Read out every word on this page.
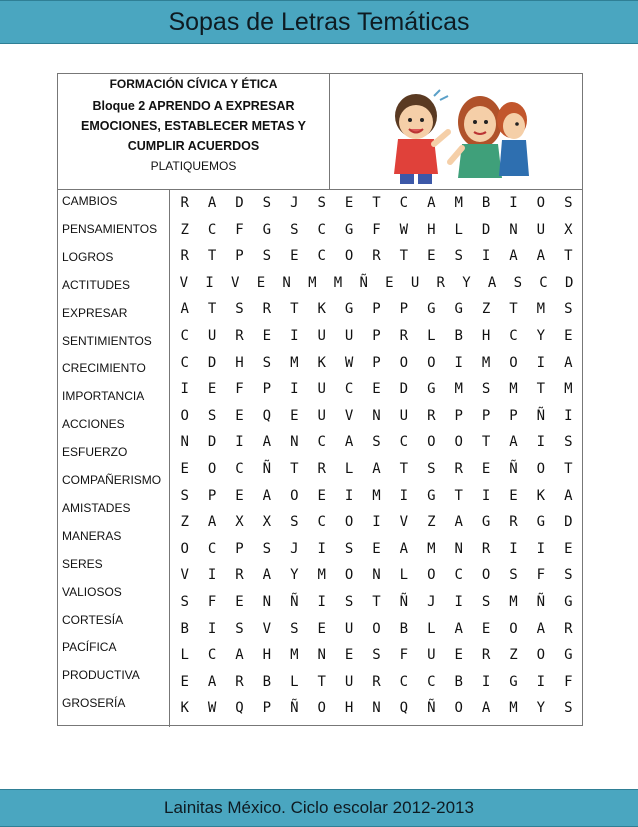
Sopas de Letras Temáticas
FORMACIÓN CÍVICA Y ÉTICA
Bloque 2 APRENDO A EXPRESAR EMOCIONES, ESTABLECER METAS Y CUMPLIR ACUERDOS
PLATIQUEMOS
CAMBIOS
PENSAMIENTOS
LOGROS
ACTITUDES
EXPRESAR
SENTIMIENTOS
CRECIMIENTO
IMPORTANCIA
ACCIONES
ESFUERZO
COMPAÑERISMO
AMISTADES
MANERAS
SERES
VALIOSOS
CORTESÍA
PACÍFICA
PRODUCTIVA
GROSERÍA
R	A	D	S	J	S	E	T	C	A	M	B	I	O	S
Z	C	F	G	S	C	G	F	W	H	L	D	N	U	X
R	T	P	S	E	C	O	R	T	E	S	I	A	A	T
V	I	V	E	N	M	M	Ñ	E	U	R	Y	A	S	C	D
A	T	S	R	T	K	G	P	P	G	G	Z	T	M	S
C	U	R	E	I	U	U	P	R	L	B	H	C	Y	E
C	D	H	S	M	K	W	P	O	O	I	M	O	I	A
I	E	F	P	I	U	C	E	D	G	M	S	M	T	M
O	S	E	Q	E	U	V	N	U	R	P	P	P	Ñ	I
N	D	I	A	N	C	A	S	C	O	O	T	A	I	S
E	O	C	Ñ	T	R	L	A	T	S	R	E	Ñ	O	T
S	P	E	A	O	E	I	M	I	G	T	I	E	K	A
Z	A	X	X	S	C	O	I	V	Z	A	G	R	G	D
O	C	P	S	J	I	S	E	A	M	N	R	I	I	E
V	I	R	A	Y	M	O	N	L	O	C	O	S	F	S
S	F	E	N	Ñ	I	S	T	Ñ	J	I	S	M	Ñ	G
B	I	S	V	S	E	U	O	B	L	A	E	O	A	R
L	C	A	H	M	N	E	S	F	U	E	R	Z	O	G
E	A	R	B	L	T	U	R	C	C	B	I	G	I	F
K	W	Q	P	Ñ	O	H	N	Q	Ñ	O	A	M	Y	S
Lainitas México. Ciclo escolar 2012-2013
